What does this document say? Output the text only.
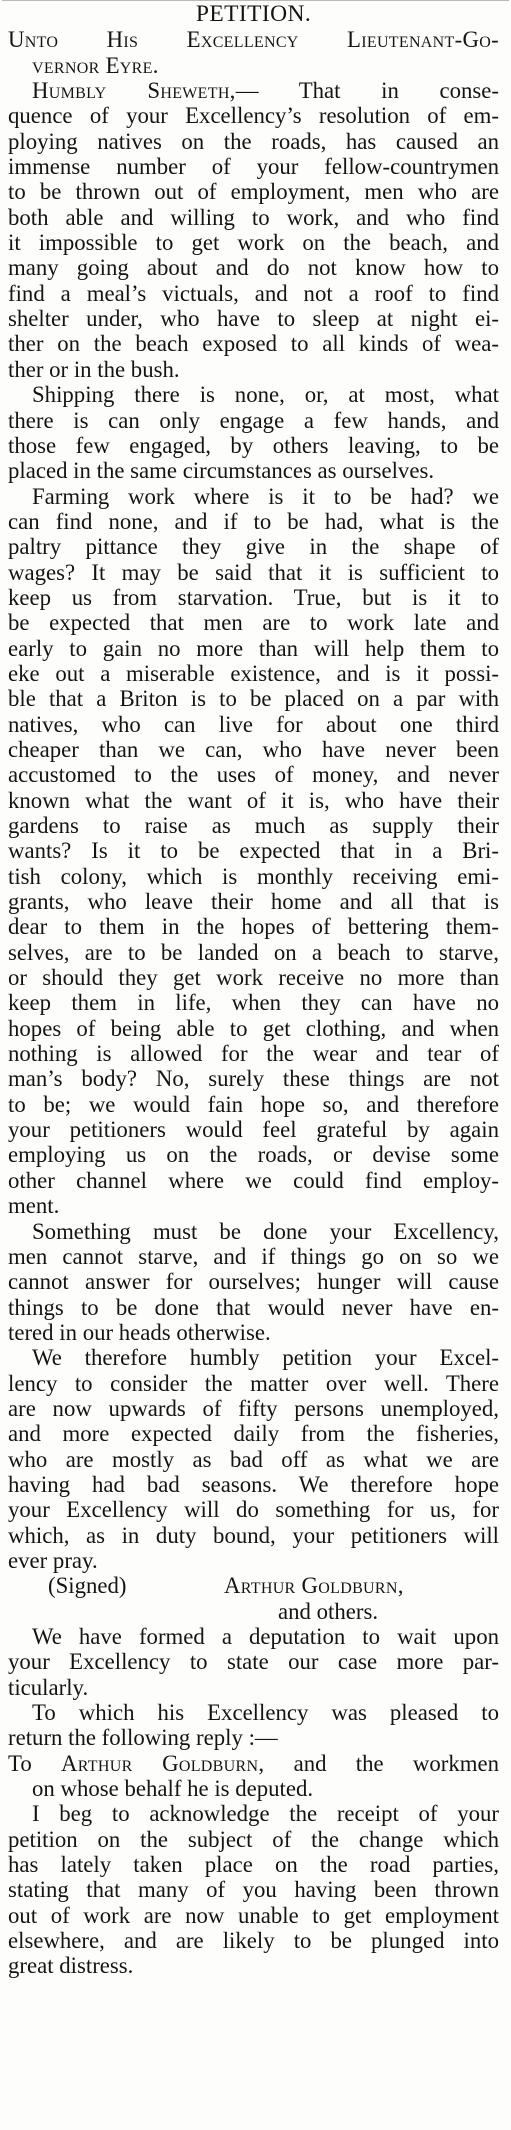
PETITION.
Unto His Excellency Lieutenant-Go-
vernor Eyre.

Humbly Sheweth,— That in conse-
quence of your Excellency’s resolution of em-
ploying natives on the roads, has caused an
immense number of your fellow-countrymen
to be thrown out of employment, men who are
both able and willing to work, and who find
it impossible to get work on the beach, and
many going about and do not know how to
find a meal’s victuals, and not a roof to find
shelter under, who have to sleep at night ei-
ther on the beach exposed to all kinds of wea-
ther or in the bush.

Shipping there is none, or, at most, what
there is can only engage a few hands, and
those few engaged, by others leaving, to be
placed in the same circumstances as ourselves.

Farming work where is it to be had? we
can find none, and if to be had, what is the
paltry pittance they give in the shape of
wages? It may be said that it is sufficient to
keep us from starvation. True, but is it to
be expected that men are to work late and
early to gain no more than will help them to
eke out a miserable existence, and is it possi-
ble that a Briton is to be placed on a par with
natives, who can live for about one third
cheaper than we can, who have never been
accustomed to the uses of money, and never
known what the want of it is, who have their
gardens to raise as much as supply their
wants? Is it to be expected that in a Bri-
tish colony, which is monthly receiving emi-
grants, who leave their home and all that is
dear to them in the hopes of bettering them-
selves, are to be landed on a beach to starve,
or should they get work receive no more than
keep them in life, when they can have no
hopes of being able to get clothing, and when
nothing is allowed for the wear and tear of
man’s body? No, surely these things are not
to be; we would fain hope so, and therefore
your petitioners would feel grateful by again
employing us on the roads, or devise some
other channel where we could find employ-
ment.

Something must be done your Excellency,
men cannot starve, and if things go on so we
cannot answer for ourselves; hunger will cause
things to be done that would never have en-
tered in our heads otherwise.

We therefore humbly petition your Excel-
lency to consider the matter over well. There
are now upwards of fifty persons unemployed,
and more expected daily from the fisheries,
who are mostly as bad off as what we are
having had bad seasons. We therefore hope
your Excellency will do something for us, for
which, as in duty bound, your petitioners will
ever pray.

(Signed)	Arthur Goldburn,
and others.

We have formed a deputation to wait upon
your Excellency to state our case more par-
ticularly.

To which his Excellency was pleased to
return the following reply :—

To Arthur Goldburn, and the workmen
on whose behalf he is deputed.

I beg to acknowledge the receipt of your
petition on the subject of the change which
has lately taken place on the road parties,
stating that many of you having been thrown
out of work are now unable to get employment
elsewhere, and are likely to be plunged into
great distress.
